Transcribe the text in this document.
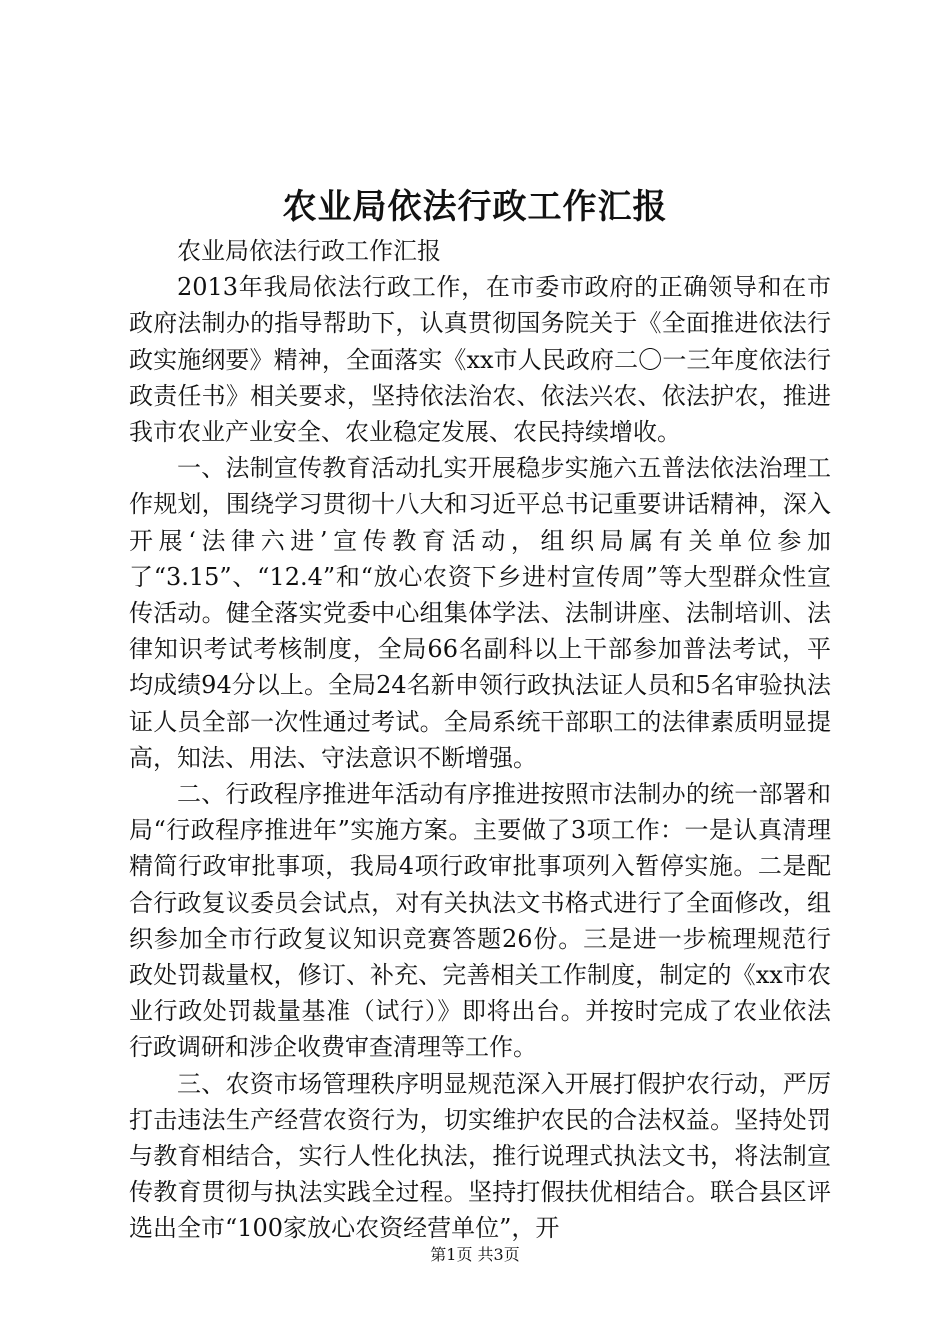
农业局依法行政工作汇报

农业局依法行政工作汇报

2013年我局依法行政工作，在市委市政府的正确领导和在市政府法制办的指导帮助下，认真贯彻国务院关于《全面推进依法行政实施纲要》精神，全面落实《xx市人民政府二〇一三年度依法行政责任书》相关要求，坚持依法治农、依法兴农、依法护农，推进我市农业产业安全、农业稳定发展、农民持续增收。

一、法制宣传教育活动扎实开展稳步实施六五普法依法治理工作规划，围绕学习贯彻十八大和习近平总书记重要讲话精神，深入开展‘法律六进’宣传教育活动，组织局属有关单位参加了“3.15”、“12.4”和“放心农资下乡进村宣传周”等大型群众性宣传活动。健全落实党委中心组集体学法、法制讲座、法制培训、法律知识考试考核制度，全局66名副科以上干部参加普法考试，平均成绩94分以上。全局24名新申领行政执法证人员和5名审验执法证人员全部一次性通过考试。全局系统干部职工的法律素质明显提高，知法、用法、守法意识不断增强。

二、行政程序推进年活动有序推进按照市法制办的统一部署和局“行政程序推进年”实施方案。主要做了3项工作：一是认真清理精简行政审批事项，我局4项行政审批事项列入暂停实施。二是配合行政复议委员会试点，对有关执法文书格式进行了全面修改，组织参加全市行政复议知识竞赛答题26份。三是进一步梳理规范行政处罚裁量权，修订、补充、完善相关工作制度，制定的《xx市农业行政处罚裁量基准（试行）》即将出台。并按时完成了农业依法行政调研和涉企收费审查清理等工作。

三、农资市场管理秩序明显规范深入开展打假护农行动，严厉打击违法生产经营农资行为，切实维护农民的合法权益。坚持处罚与教育相结合，实行人性化执法，推行说理式执法文书，将法制宣传教育贯彻与执法实践全过程。坚持打假扶优相结合。联合县区评选出全市“100家放心农资经营单位”，开

第1页 共3页
